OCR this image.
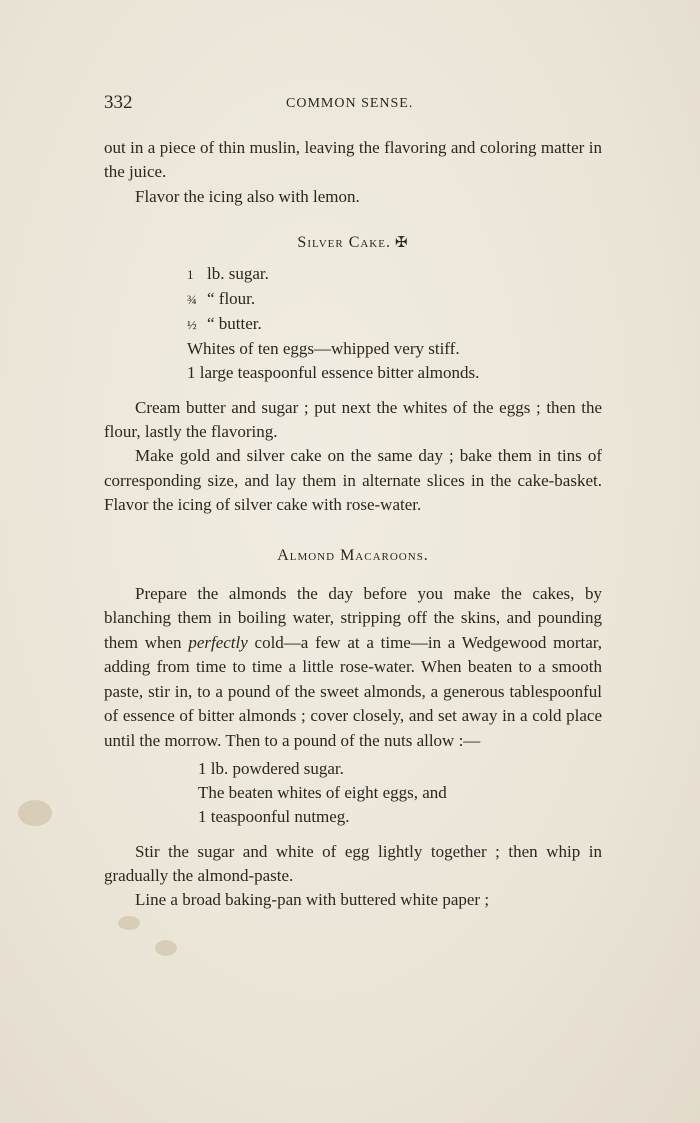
332	COMMON SENSE.

out in a piece of thin muslin, leaving the flavoring and coloring matter in the juice.

Flavor the icing also with lemon.

Silver Cake. ✠
1 lb. sugar.
¾ “ flour.
½ “ butter.
Whites of ten eggs—whipped very stiff.
1 large teaspoonful essence bitter almonds.

Cream butter and sugar ; put next the whites of the eggs ; then the flour, lastly the flavoring.

Make gold and silver cake on the same day ; bake them in tins of corresponding size, and lay them in alternate slices in the cake-basket. Flavor the icing of silver cake with rose-water.

Almond Macaroons.

Prepare the almonds the day before you make the cakes, by blanching them in boiling water, stripping off the skins, and pounding them when perfectly cold—a few at a time—in a Wedgewood mortar, adding from time to time a little rose-water. When beaten to a smooth paste, stir in, to a pound of the sweet almonds, a generous tablespoonful of essence of bitter almonds ; cover closely, and set away in a cold place until the morrow. Then to a pound of the nuts allow :—

1 lb. powdered sugar.
The beaten whites of eight eggs, and
1 teaspoonful nutmeg.

Stir the sugar and white of egg lightly together ; then whip in gradually the almond-paste.

Line a broad baking-pan with buttered white paper ;
